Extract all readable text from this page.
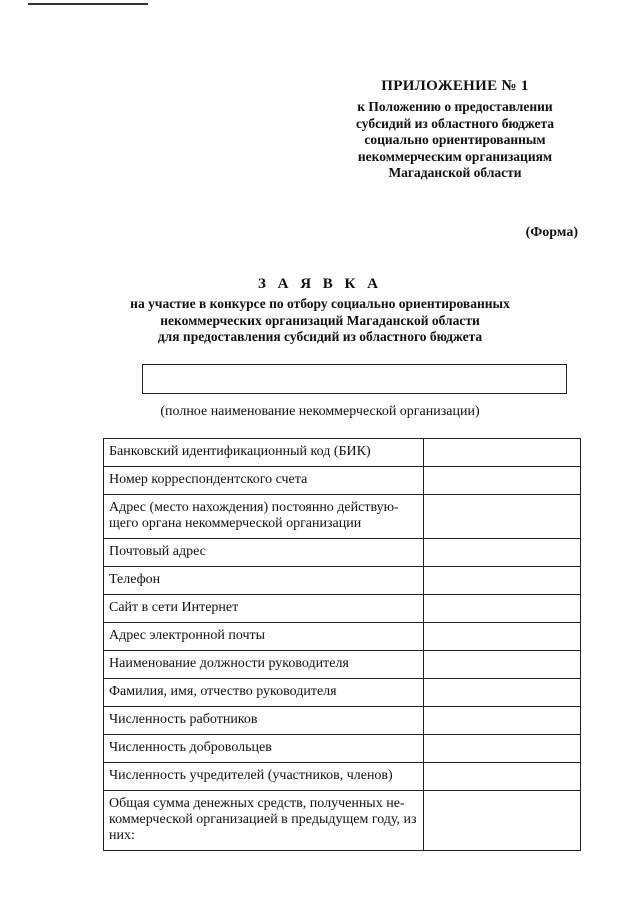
ПРИЛОЖЕНИЕ № 1
к Положению о предоставлении
субсидий из областного бюджета
социально ориентированным
некоммерческим организациям
Магаданской области
(Форма)
З А Я В К А
на участие в конкурсе по отбору социально ориентированных
некоммерческих организаций Магаданской области
для предоставления субсидий из областного бюджета
(полное наименование некоммерческой организации)
Банковский идентификационный код (БИК)	
Номер корреспондентского счета	
Адрес (место нахождения) постоянно действую-щего органа некоммерческой организации	
Почтовый адрес	
Телефон	
Сайт в сети Интернет	
Адрес электронной почты	
Наименование должности руководителя	
Фамилия, имя, отчество руководителя	
Численность работников	
Численность добровольцев	
Численность учредителей (участников, членов)	
Общая сумма денежных средств, полученных не-коммерческой организацией в предыдущем году, из них:	
